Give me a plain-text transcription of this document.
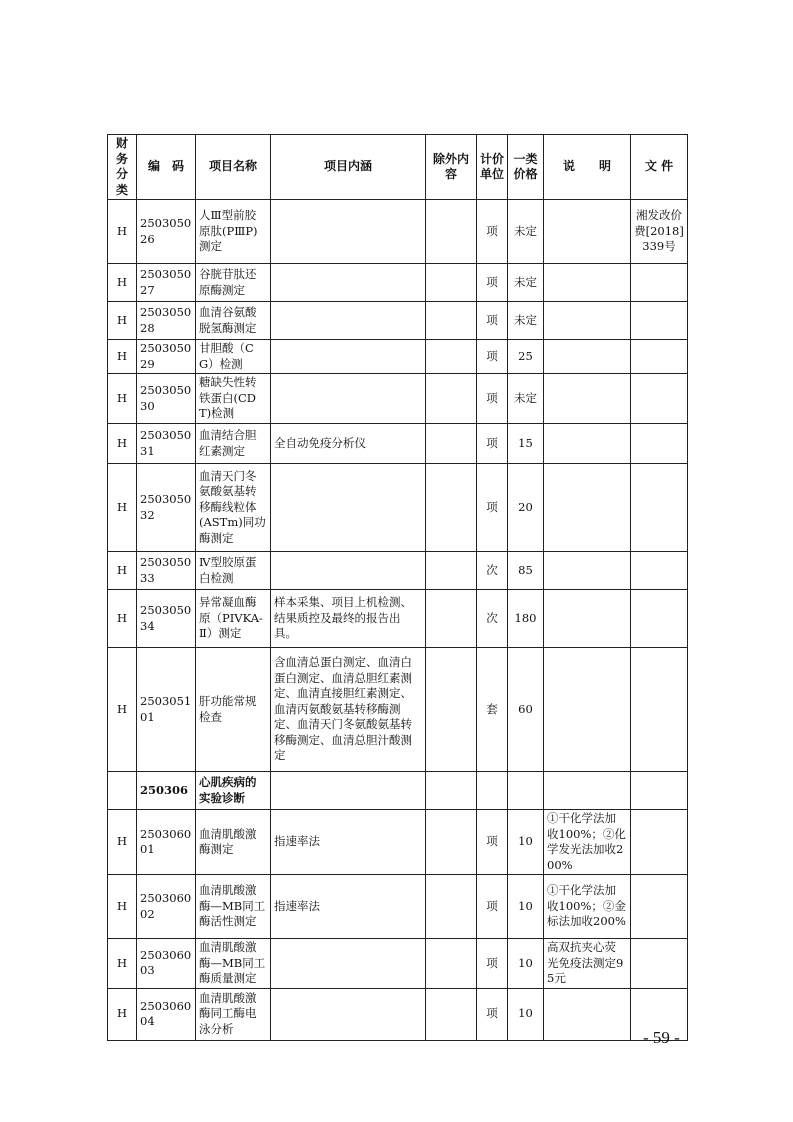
财务分类	编　码	项目名称	项目内涵	除外内容	计价单位	一类价格	说　　明	文 件
H	250305026	人Ⅲ型前胶原肽(PⅢP)测定			项	未定		湘发改价费[2018]339号
H	250305027	谷胱苷肽还原酶测定			项	未定		
H	250305028	血清谷氨酸脱氢酶测定			项	未定		
H	250305029	甘胆酸（CG）检测			项	25		
H	250305030	糖缺失性转铁蛋白(CDT)检测			项	未定		
H	250305031	血清结合胆红素测定	全自动免疫分析仪		项	15		
H	250305032	血清天门冬氨酸氨基转移酶线粒体(ASTm)同功酶测定			项	20		
H	250305033	Ⅳ型胶原蛋白检测			次	85		
H	250305034	异常凝血酶原（PIVKA-Ⅱ）测定	样本采集、项目上机检测、结果质控及最终的报告出具。		次	180		
H	250305101	肝功能常规检查	含血清总蛋白测定、血清白蛋白测定、血清总胆红素测定、血清直接胆红素测定、血清丙氨酸氨基转移酶测定、血清天门冬氨酸氨基转移酶测定、血清总胆汁酸测定		套	60		
	250306	心肌疾病的实验诊断						
H	250306001	血清肌酸激酶测定	指速率法		项	10	①干化学法加收100%；②化学发光法加收200%	
H	250306002	血清肌酸激酶—MB同工酶活性测定	指速率法		项	10	①干化学法加收100%；②金标法加收200%	
H	250306003	血清肌酸激酶—MB同工酶质量测定			项	10	高双抗夹心荧光免疫法测定95元	
H	250306004	血清肌酸激酶同工酶电泳分析			项	10		
- 59 -
